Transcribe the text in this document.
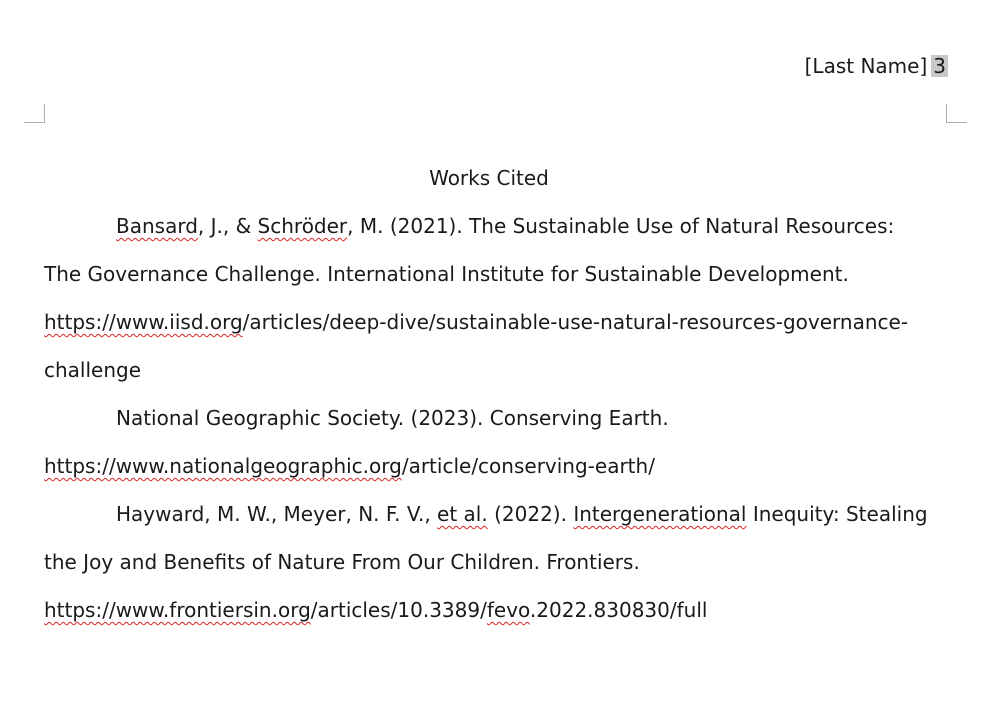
[Last Name] 3

Works Cited

Bansard, J., & Schröder, M. (2021). The Sustainable Use of Natural Resources: The Governance Challenge. International Institute for Sustainable Development. https://www.iisd.org/articles/deep-dive/sustainable-use-natural-resources-governance-challenge

National Geographic Society. (2023). Conserving Earth. https://www.nationalgeographic.org/article/conserving-earth/

Hayward, M. W., Meyer, N. F. V., et al. (2022). Intergenerational Inequity: Stealing the Joy and Benefits of Nature From Our Children. Frontiers. https://www.frontiersin.org/articles/10.3389/fevo.2022.830830/full
